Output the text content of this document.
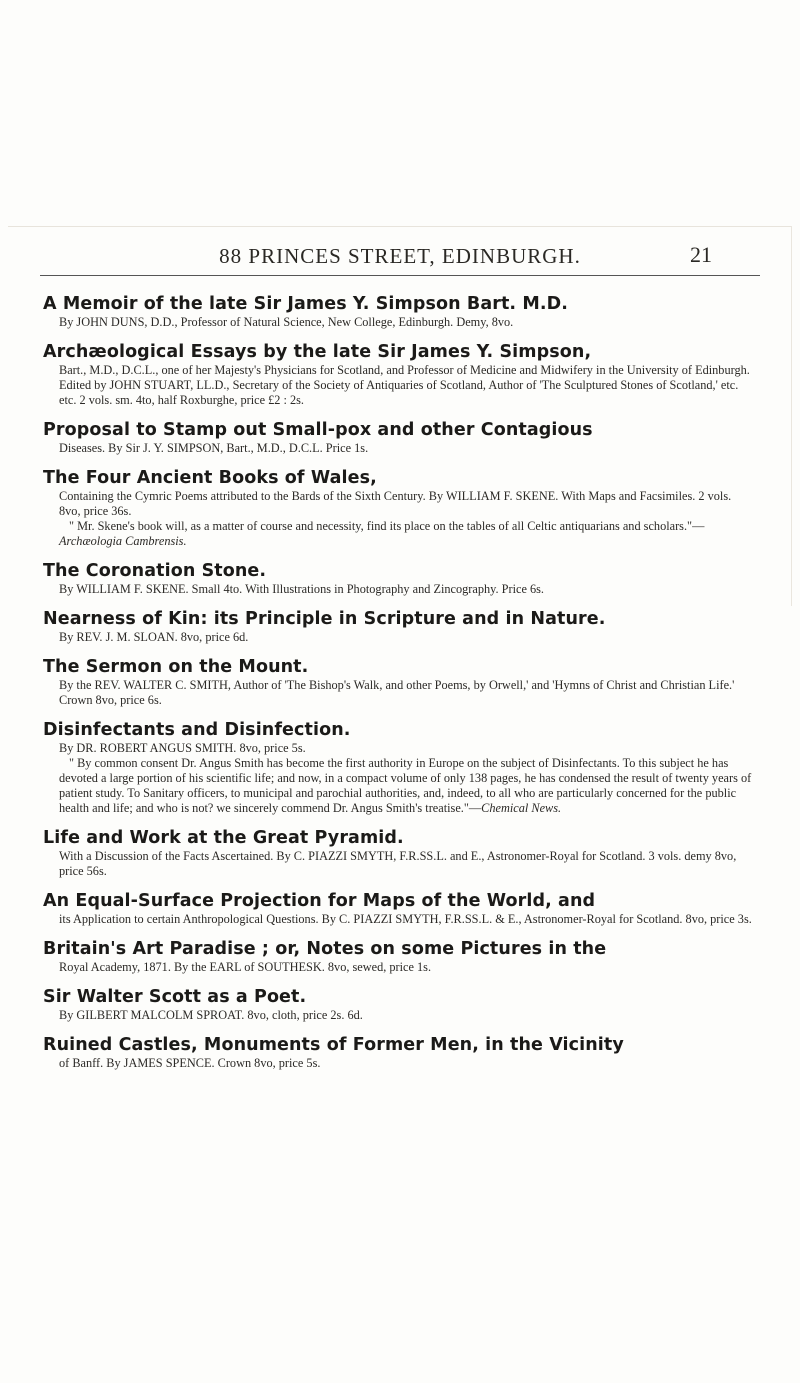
88 PRINCES STREET, EDINBURGH.	21
A Memoir of the late Sir James Y. Simpson Bart. M.D.
By JOHN DUNS, D.D., Professor of Natural Science, New College, Edinburgh. Demy, 8vo.
Archæological Essays by the late Sir James Y. Simpson,
Bart., M.D., D.C.L., one of her Majesty's Physicians for Scotland, and Professor of Medicine and Midwifery in the University of Edinburgh. Edited by JOHN STUART, LL.D., Secretary of the Society of Antiquaries of Scotland, Author of 'The Sculptured Stones of Scotland,' etc. etc. 2 vols. sm. 4to, half Roxburghe, price £2 : 2s.
Proposal to Stamp out Small-pox and other Contagious
Diseases. By Sir J. Y. SIMPSON, Bart., M.D., D.C.L. Price 1s.
The Four Ancient Books of Wales,
Containing the Cymric Poems attributed to the Bards of the Sixth Century. By WILLIAM F. SKENE. With Maps and Facsimiles. 2 vols. 8vo, price 36s.
" Mr. Skene's book will, as a matter of course and necessity, find its place on the tables of all Celtic antiquarians and scholars."—Archæologia Cambrensis.
The Coronation Stone.
By WILLIAM F. SKENE. Small 4to. With Illustrations in Photography and Zincography. Price 6s.
Nearness of Kin: its Principle in Scripture and in Nature.
By REV. J. M. SLOAN. 8vo, price 6d.
The Sermon on the Mount.
By the REV. WALTER C. SMITH, Author of 'The Bishop's Walk, and other Poems, by Orwell,' and 'Hymns of Christ and Christian Life.' Crown 8vo, price 6s.
Disinfectants and Disinfection.
By DR. ROBERT ANGUS SMITH. 8vo, price 5s.
" By common consent Dr. Angus Smith has become the first authority in Europe on the subject of Disinfectants. To this subject he has devoted a large portion of his scientific life; and now, in a compact volume of only 138 pages, he has condensed the result of twenty years of patient study. To Sanitary officers, to municipal and parochial authorities, and, indeed, to all who are particularly concerned for the public health and life; and who is not? we sincerely commend Dr. Angus Smith's treatise."—Chemical News.
Life and Work at the Great Pyramid.
With a Discussion of the Facts Ascertained. By C. PIAZZI SMYTH, F.R.SS.L. and E., Astronomer-Royal for Scotland. 3 vols. demy 8vo, price 56s.
An Equal-Surface Projection for Maps of the World, and
its Application to certain Anthropological Questions. By C. PIAZZI SMYTH, F.R.SS.L. & E., Astronomer-Royal for Scotland. 8vo, price 3s.
Britain's Art Paradise ; or, Notes on some Pictures in the
Royal Academy, 1871. By the EARL of SOUTHESK. 8vo, sewed, price 1s.
Sir Walter Scott as a Poet.
By GILBERT MALCOLM SPROAT. 8vo, cloth, price 2s. 6d.
Ruined Castles, Monuments of Former Men, in the Vicinity
of Banff. By JAMES SPENCE. Crown 8vo, price 5s.
